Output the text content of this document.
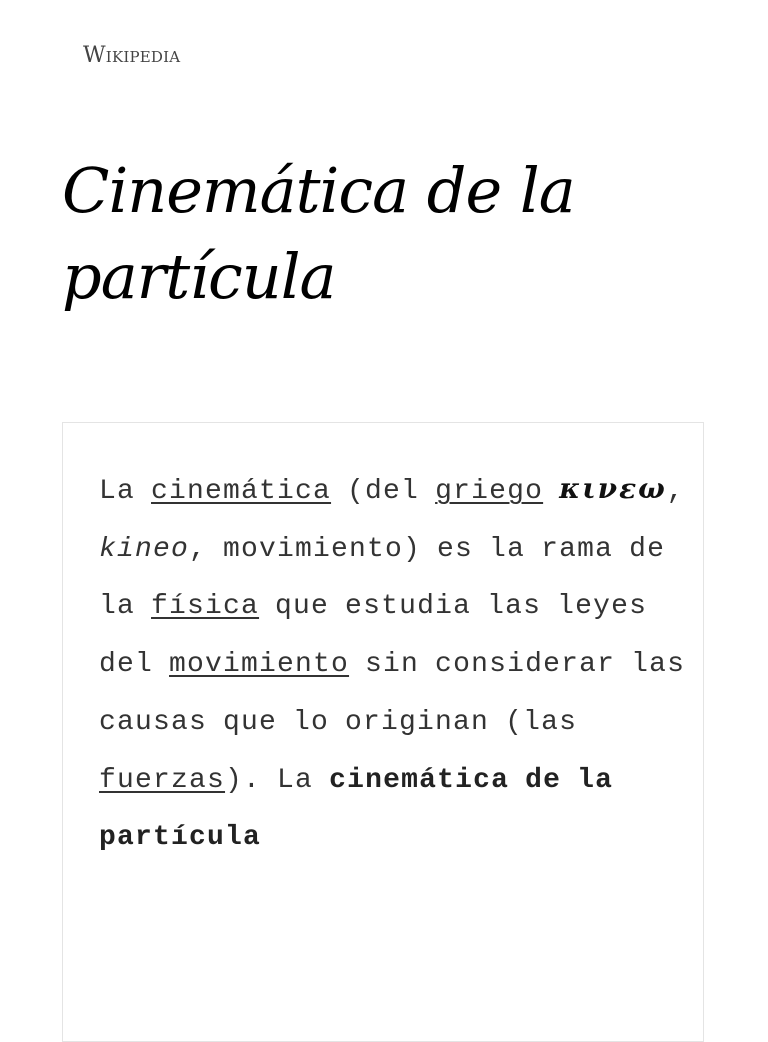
Wikipedia
Cinemática de la partícula

La cinemática (del griego κινεω, kineo, movimiento) es la rama de la física que estudia las leyes del movimiento sin considerar las causas que lo originan (las fuerzas). La cinemática de la partícula
